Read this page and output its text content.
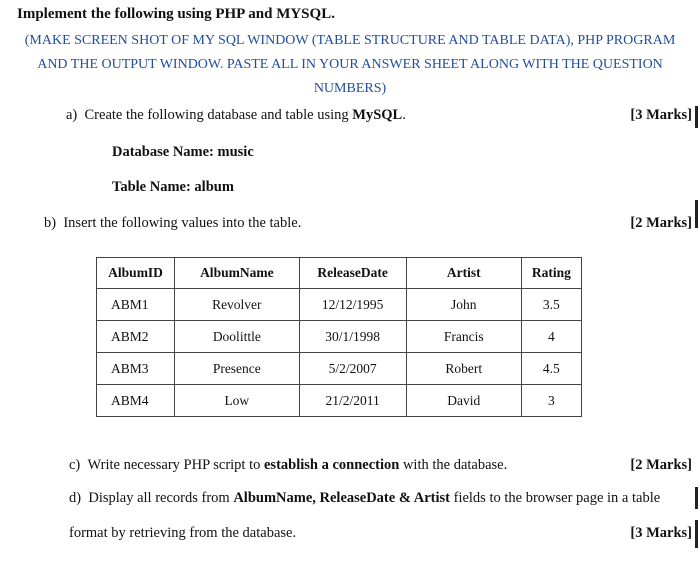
Implement the following using PHP and MYSQL.
(MAKE SCREEN SHOT OF MY SQL WINDOW (TABLE STRUCTURE AND TABLE DATA), PHP PROGRAM
AND THE OUTPUT WINDOW. PASTE ALL IN YOUR ANSWER SHEET ALONG WITH THE QUESTION
NUMBERS)
a) Create the following database and table using MySQL.	[3 Marks]
Database Name: music
Table Name: album
b) Insert the following values into the table.	[2 Marks]
AlbumID	AlbumName	ReleaseDate	Artist	Rating
ABM1	Revolver	12/12/1995	John	3.5
ABM2	Doolittle	30/1/1998	Francis	4
ABM3	Presence	5/2/2007	Robert	4.5
ABM4	Low	21/2/2011	David	3
c) Write necessary PHP script to establish a connection with the database.	[2 Marks]
d) Display all records from AlbumName, ReleaseDate & Artist fields to the browser page in a table
format by retrieving from the database.	[3 Marks]
